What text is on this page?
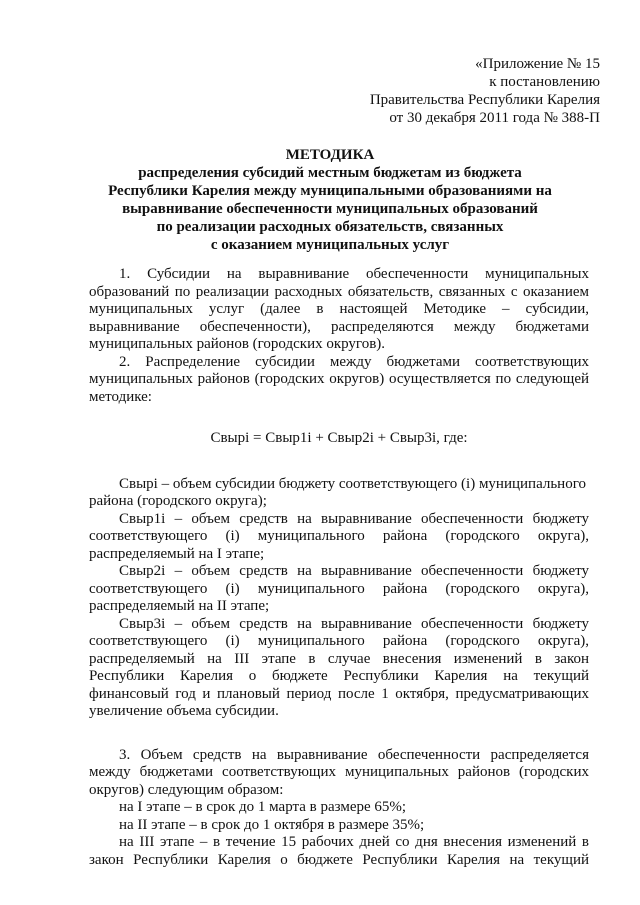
«Приложение № 15
к постановлению
Правительства Республики Карелия
от 30 декабря 2011 года № 388-П
МЕТОДИКА
распределения субсидий местным бюджетам из бюджета
Республики Карелия между муниципальными образованиями на
выравнивание обеспеченности муниципальных образований
по реализации расходных обязательств, связанных
с оказанием муниципальных услуг

1. Субсидии на выравнивание обеспеченности муниципальных

образований по реализации расходных обязательств, связанных с оказанием

муниципальных услуг (далее в настоящей Методике – субсидии,

выравнивание обеспеченности), распределяются между бюджетами

муниципальных районов (городских округов).

2. Распределение субсидии между бюджетами соответствующих

муниципальных районов (городских округов) осуществляется по следующей

методике:

Свырi = Свыр1i + Свыр2i + Свыр3i, где:

Свырi – объем субсидии бюджету соответствующего (i) муниципального

района (городского округа);

Свыр1i – объем средств на выравнивание обеспеченности бюджету

соответствующего (i) муниципального района (городского округа),

распределяемый на I этапе;

Свыр2i – объем средств на выравнивание обеспеченности бюджету

соответствующего (i) муниципального района (городского округа),

распределяемый на II этапе;

Свыр3i – объем средств на выравнивание обеспеченности бюджету

соответствующего (i) муниципального района (городского округа),

распределяемый на III этапе в случае внесения изменений в закон

Республики Карелия о бюджете Республики Карелия на текущий

финансовый год и плановый период после 1 октября, предусматривающих

увеличение объема субсидии.

3. Объем средств на выравнивание обеспеченности распределяется

между бюджетами соответствующих муниципальных районов (городских

округов) следующим образом:

на I этапе – в срок до 1 марта в размере 65%;

на II этапе – в срок до 1 октября в размере 35%;

на III этапе – в течение 15 рабочих дней со дня внесения изменений в

закон Республики Карелия о бюджете Республики Карелия на текущий
